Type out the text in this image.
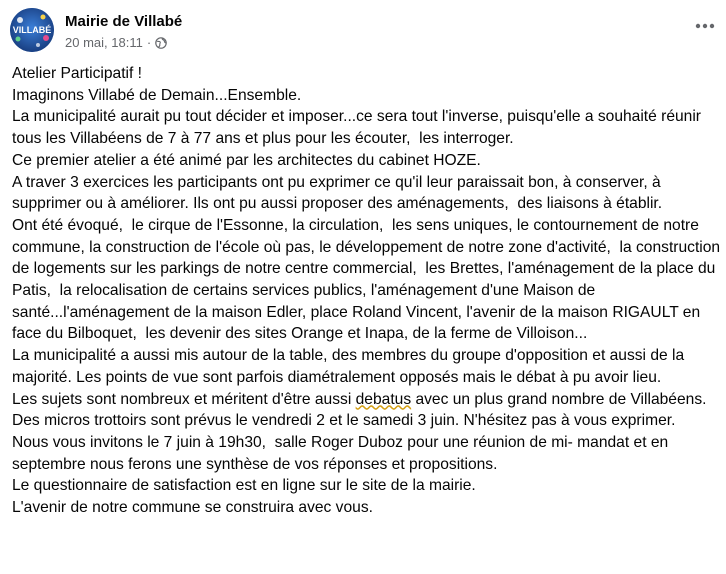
VILLABÉ Mairie de Villabé
20 mai, 18:11 ·

Atelier Participatif !

Imaginons Villabé de Demain...Ensemble.

La municipalité aurait pu tout décider et imposer...ce sera tout l'inverse, puisqu'elle a souhaité réunir tous les Villabéens de 7 à 77 ans et plus pour les écouter,  les interroger.

Ce premier atelier a été animé par les architectes du cabinet HOZE.

A traver 3 exercices les participants ont pu exprimer ce qu'il leur paraissait bon, à conserver, à supprimer ou à améliorer. Ils ont pu aussi proposer des aménagements,  des liaisons à établir.

Ont été évoqué,  le cirque de l'Essonne, la circulation,  les sens uniques, le contournement de notre commune, la construction de l'école où pas, le développement de notre zone d'activité,  la construction de logements sur les parkings de notre centre commercial,  les Brettes, l'aménagement de la place du Patis,  la relocalisation de certains services publics, l'aménagement d'une Maison de santé...l'aménagement de la maison Edler, place Roland Vincent, l'avenir de la maison RIGAULT en face du Bilboquet,  les devenir des sites Orange et Inapa, de la ferme de Villoison...

La municipalité a aussi mis autour de la table, des membres du groupe d'opposition et aussi de la majorité. Les points de vue sont parfois diamétralement opposés mais le débat à pu avoir lieu.

Les sujets sont nombreux et méritent d'être aussi debatus avec un plus grand nombre de Villabéens.

Des micros trottoirs sont prévus le vendredi 2 et le samedi 3 juin. N'hésitez pas à vous exprimer.

Nous vous invitons le 7 juin à 19h30,  salle Roger Duboz pour une réunion de mi- mandat et en septembre nous ferons une synthèse de vos réponses et propositions.

Le questionnaire de satisfaction est en ligne sur le site de la mairie.

L'avenir de notre commune se construira avec vous.
